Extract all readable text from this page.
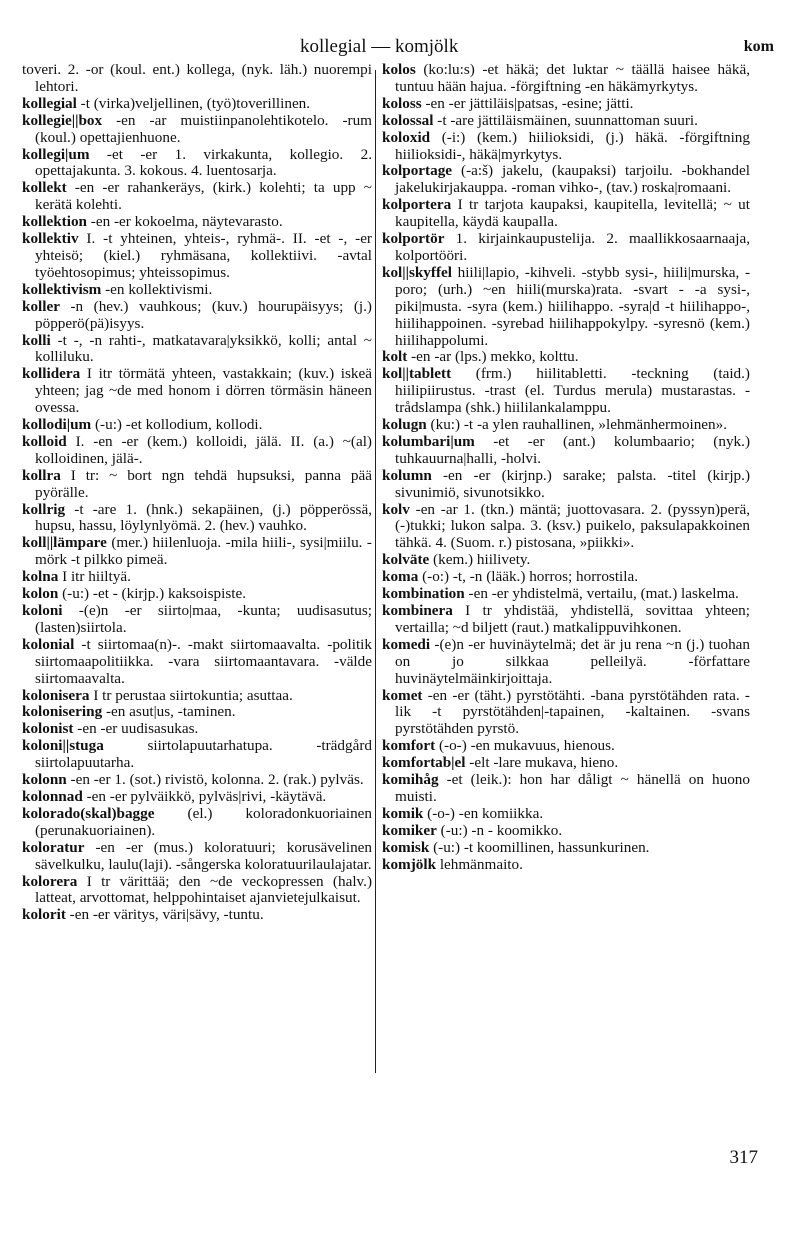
kollegial — komjölk	kom

toveri. 2. -or (koul. ent.) kollega, (nyk. läh.) nuorempi lehtori.

kollegial -t (virka)veljellinen, (työ)toverillinen.

kollegie||box -en -ar muistiinpanolehtikotelo. -rum (koul.) opettajienhuone.

kollegi|um -et -er 1. virkakunta, kollegio. 2. opettajakunta. 3. kokous. 4. luentosarja.

kollekt -en -er rahankeräys, (kirk.) kolehti; ta upp ~ kerätä kolehti.

kollektion -en -er kokoelma, näytevarasto.

kollektiv I. -t yhteinen, yhteis-, ryhmä-. II. -et -, -er yhteisö; (kiel.) ryhmäsana, kollektiivi. -avtal työehtosopimus; yhteissopimus.

kollektivism -en kollektivismi.

koller -n (hev.) vauhkous; (kuv.) hourupäisyys; (j.) pöpperö(pä)isyys.

kolli -t -, -n rahti-, matkatavara|yksikkö, kolli; antal ~ kolliluku.

kollidera I itr törmätä yhteen, vastakkain; (kuv.) iskeä yhteen; jag ~de med honom i dörren törmäsin häneen ovessa.

kollodi|um (-u:) -et kollodium, kollodi.

kolloid I. -en -er (kem.) kolloidi, jälä. II. (a.) ~(al) kolloidinen, jälä-.

kollra I tr: ~ bort ngn tehdä hupsuksi, panna pää pyörälle.

kollrig -t -are 1. (hnk.) sekapäinen, (j.) pöpperössä, hupsu, hassu, löylynlyömä. 2. (hev.) vauhko.

koll||lämpare (mer.) hiilenluoja. -mila hiili-, sysi|miilu. -mörk -t pilkko pimeä.

kolna I itr hiiltyä.

kolon (-u:) -et - (kirjp.) kaksoispiste.

koloni -(e)n -er siirto|maa, -kunta; uudisasutus; (lasten)siirtola.

kolonial -t siirtomaa(n)-. -makt siirtomaavalta. -politik siirtomaapolitiikka. -vara siirtomaantavara. -välde siirtomaavalta.

kolonisera I tr perustaa siirtokuntia; asuttaa.

kolonisering -en asut|us, -taminen.

kolonist -en -er uudisasukas.

koloni||stuga siirtolapuutarhatupa. -trädgård siirtolapuutarha.

kolonn -en -er 1. (sot.) rivistö, kolonna. 2. (rak.) pylväs.

kolonnad -en -er pylväikkö, pylväs|rivi, -käytävä.

kolorado(skal)bagge (el.) koloradonkuoriainen (perunakuoriainen).

koloratur -en -er (mus.) koloratuuri; korusävelinen sävelkulku, laulu(laji). -sångerska koloratuurilaulajatar.

kolorera I tr värittää; den ~de veckopressen (halv.) latteat, arvottomat, helppohintaiset ajanvietejulkaisut.

kolorit -en -er väritys, väri|sävy, -tuntu.

kolos (ko:lu:s) -et häkä; det luktar ~ täällä haisee häkä, tuntuu hään hajua. -förgiftning -en häkämyrkytys.

koloss -en -er jättiläis|patsas, -esine; jätti.

kolossal -t -are jättiläismäinen, suunnattoman suuri.

koloxid (-i:) (kem.) hiilioksidi, (j.) häkä. -förgiftning hiilioksidi-, häkä|myrkytys.

kolportage (-a:š) jakelu, (kaupaksi) tarjoilu. -bokhandel jakelukirjakauppa. -roman vihko-, (tav.) roska|romaani.

kolportera I tr tarjota kaupaksi, kaupitella, levitellä; ~ ut kaupitella, käydä kaupalla.

kolportör 1. kirjainkaupustelija. 2. maallikkosaarnaaja, kolportööri.

kol||skyffel hiili|lapio, -kihveli. -stybb sysi-, hiili|murska, -poro; (urh.) ~en hiili(murska)rata. -svart - -a sysi-, piki|musta. -syra (kem.) hiilihappo. -syra|d -t hiilihappo-, hiilihappoinen. -syrebad hiilihappokylpy. -syresnö (kem.) hiilihappolumi.

kolt -en -ar (lps.) mekko, kolttu.

kol||tablett (frm.) hiilitabletti. -teckning (taid.) hiilipiirustus. -trast (el. Turdus merula) mustarastas. -trådslampa (shk.) hiililankalamppu.

kolugn (ku:) -t -a ylen rauhallinen, »lehmänhermoinen».

kolumbari|um -et -er (ant.) kolumbaario; (nyk.) tuhkauurna|halli, -holvi.

kolumn -en -er (kirjnp.) sarake; palsta. -titel (kirjp.) sivunimiö, sivunotsikko.

kolv -en -ar 1. (tkn.) mäntä; juottovasara. 2. (pyssyn)perä, (-)tukki; lukon salpa. 3. (ksv.) puikelo, paksulapakkoinen tähkä. 4. (Suom. r.) pistosana, »piikki».

kolväte (kem.) hiilivety.

koma (-o:) -t, -n (lääk.) horros; horrostila.

kombination -en -er yhdistelmä, vertailu, (mat.) laskelma.

kombinera I tr yhdistää, yhdistellä, sovittaa yhteen; vertailla; ~d biljett (raut.) matkalippuvihkonen.

komedi -(e)n -er huvinäytelmä; det är ju rena ~n (j.) tuohan on jo silkkaa pelleilyä. -författare huvinäytelmäinkirjoittaja.

komet -en -er (täht.) pyrstötähti. -bana pyrstötähden rata. -lik -t pyrstötähden|-tapainen, -kaltainen. -svans pyrstötähden pyrstö.

komfort (-o-) -en mukavuus, hienous.

komfortab|el -elt -lare mukava, hieno.

komihåg -et (leik.): hon har dåligt ~ hänellä on huono muisti.

komik (-o-) -en komiikka.

komiker (-u:) -n - koomikko.

komisk (-u:) -t koomillinen, hassunkurinen.

komjölk lehmänmaito.

317
